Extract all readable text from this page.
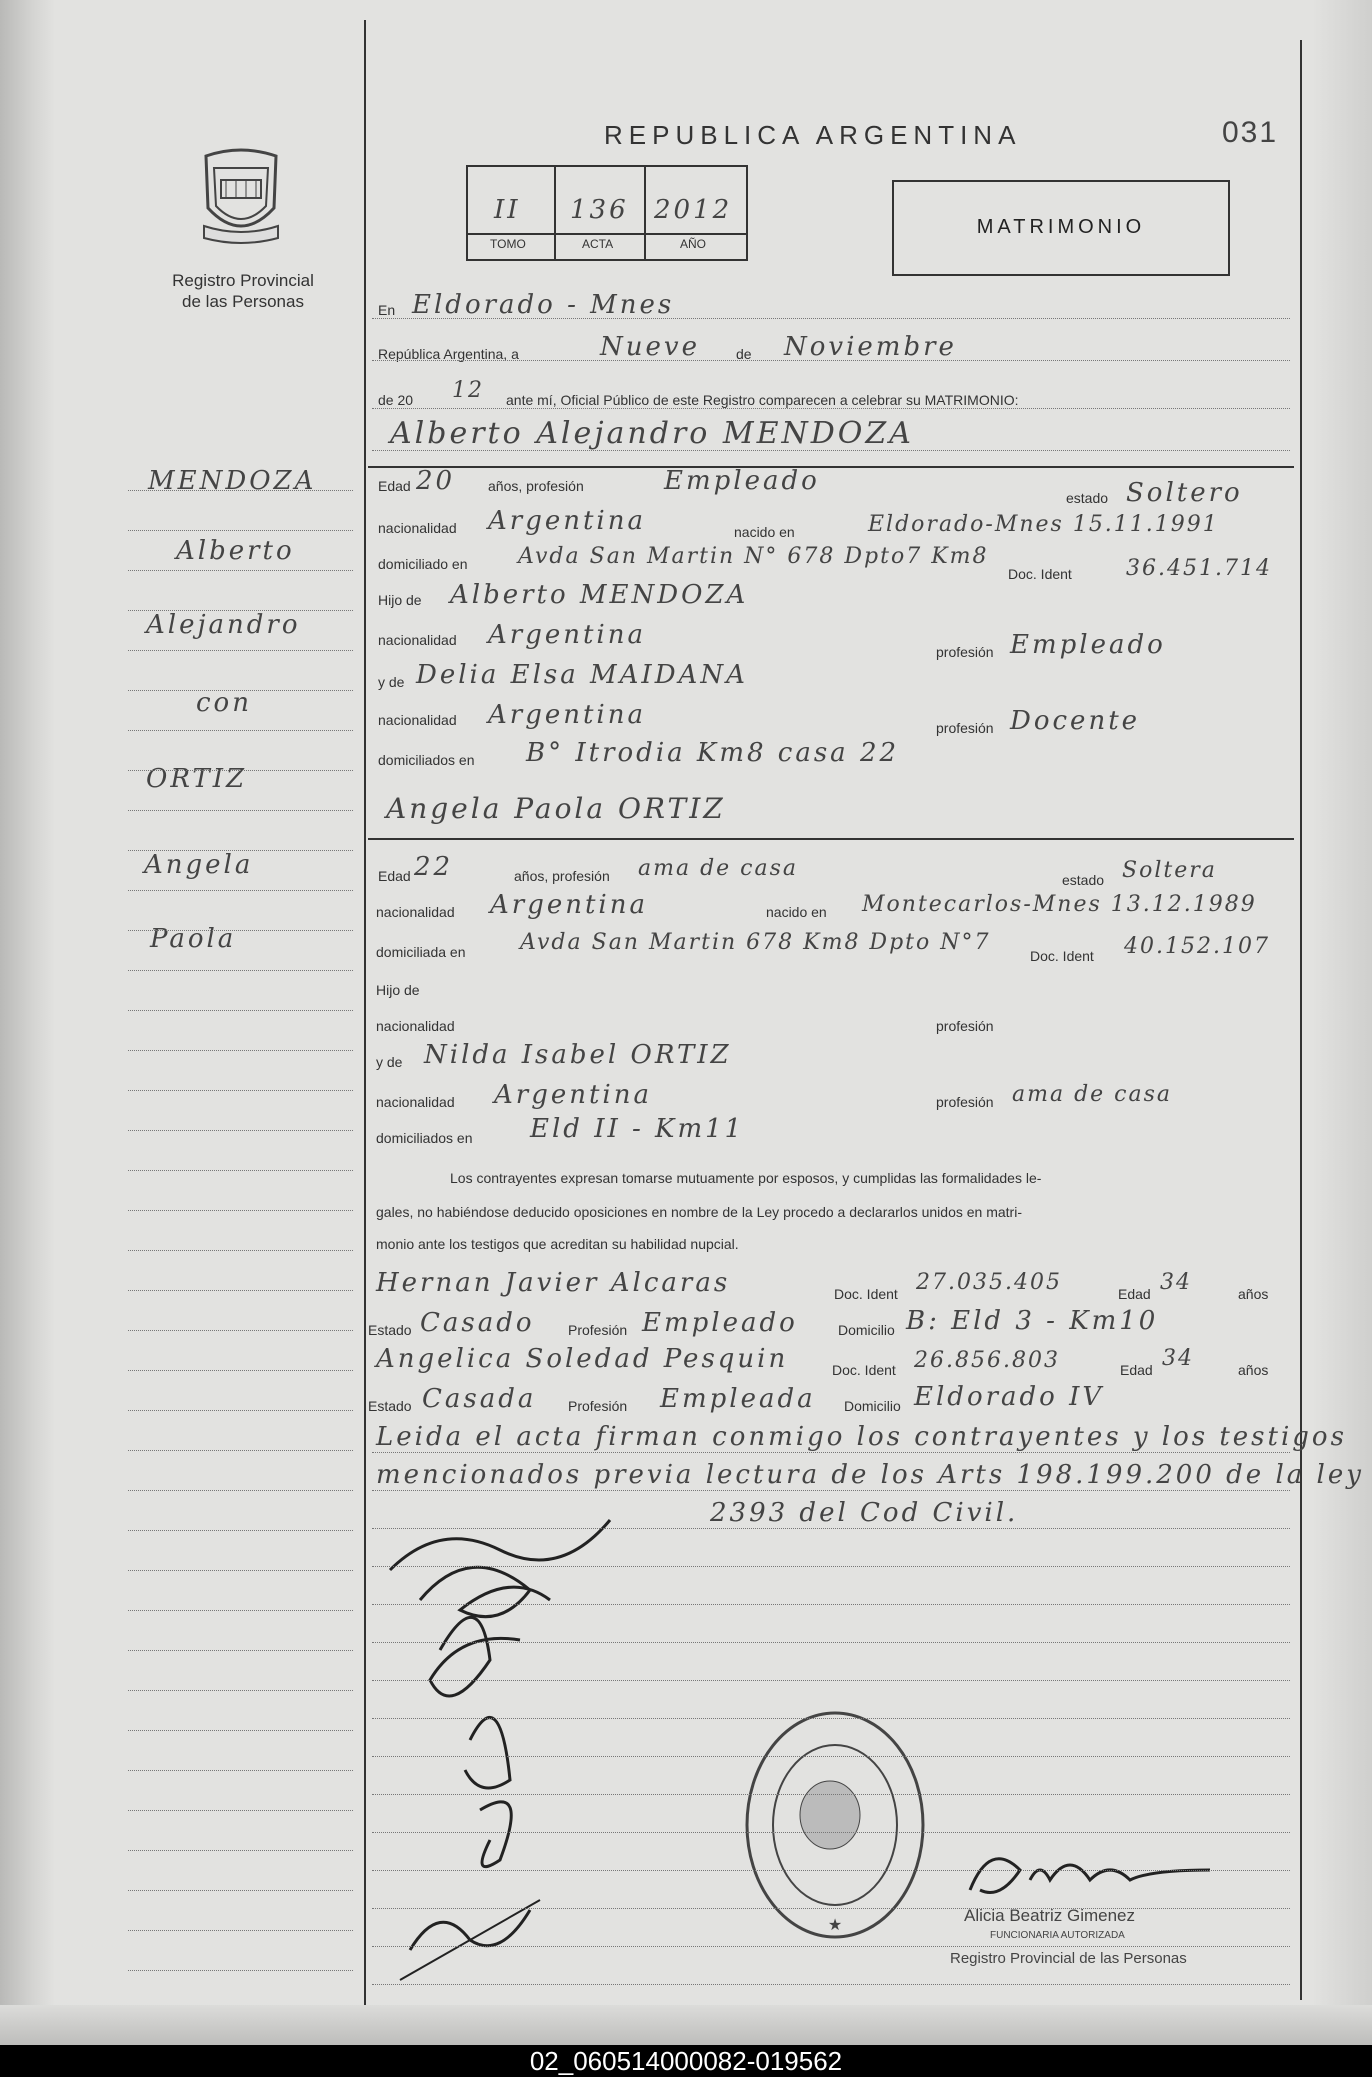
Registro Provincial
de las Personas
REPUBLICA ARGENTINA	031
II 136 2012
TOMO	ACTA	AÑO
MATRIMONIO
MENDOZA
Alberto
Alejandro
con
ORTIZ
Angela
Paola
En Eldorado - Mnes
República Argentina, a	Nueve	de Noviembre
de 20 12 ante mí, Oficial Público de este Registro comparecen a celebrar su MATRIMONIO:
Alberto Alejandro MENDOZA
Edad 20 años, profesión	Empleado
estado Soltero
nacionalidad Argentina	nacido en	Eldorado-Mnes 15.11.1991
domiciliado en Avda San Martin N° 678 Dpto7 Km8
Doc. Ident 36.451.714
Hijo de Alberto MENDOZA
nacionalidad Argentina
profesión Empleado
y de Delia Elsa MAIDANA
nacionalidad Argentina	profesión Docente
domiciliados en B° Itrodia Km8 casa 22
Angela Paola ORTIZ
Edad 22	años, profesión ama de casa	estado Soltera
nacionalidad Argentina	nacido en Montecarlos-Mnes 13.12.1989
domiciliada en Avda San Martin 678 Km8 Dpto N°7
Doc. Ident 40.152.107
Hijo de
nacionalidad	profesión
y de Nilda Isabel ORTIZ
nacionalidad Argentina	profesión ama de casa
domiciliados en Eld II - Km11
Los contrayentes expresan tomarse mutuamente por esposos, y cumplidas las formalidades le-
gales, no habiéndose deducido oposiciones en nombre de la Ley procedo a declararlos unidos en matri-
monio ante los testigos que acreditan su habilidad nupcial.
Hernan Javier Alcaras	Doc. Ident 27.035.405	Edad 34	años
Estado Casado Profesión Empleado	Domicilio B: Eld 3 - Km10
Angelica Soledad Pesquin	Doc. Ident 26.856.803	Edad 34	años
Estado Casada Profesión Empleada Domicilio Eldorado IV
Leida el acta firman conmigo los contrayentes y los testigos
mencionados previa lectura de los Arts 198.199.200 de la ley
2393 del Cod Civil.
★
Alicia Beatriz Gimenez
FUNCIONARIA AUTORIZADA
Registro Provincial de las Personas
02_060514000082-019562
